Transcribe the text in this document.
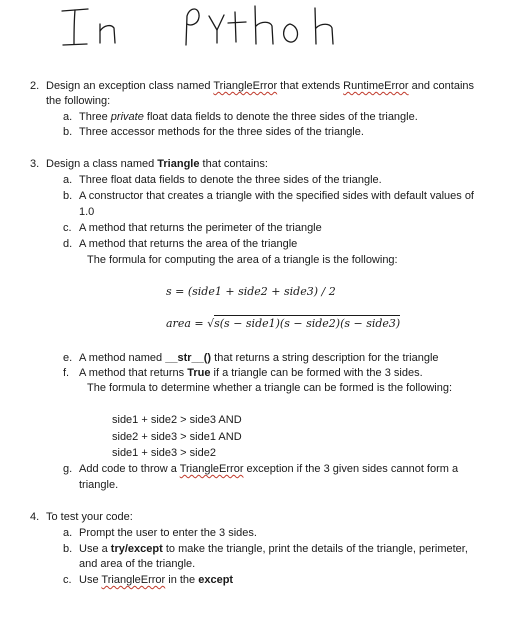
2. Design an exception class named TriangleError that extends RuntimeError and contains
the following:
a. Three private float data fields to denote the three sides of the triangle.
b. Three accessor methods for the three sides of the triangle.
3. Design a class named Triangle that contains:
a. Three float data fields to denote the three sides of the triangle.
b. A constructor that creates a triangle with the specified sides with default values of
1.0
c. A method that returns the perimeter of the triangle
d. A method that returns the area of the triangle
The formula for computing the area of a triangle is the following:
s = (side1 + side2 + side3) / 2
area = √s(s − side1)(s − side2)(s − side3)
e. A method named __str__() that returns a string description for the triangle
f. A method that returns True if a triangle can be formed with the 3 sides.
The formula to determine whether a triangle can be formed is the following:
side1 + side2 > side3 AND
side2 + side3 > side1 AND
side1 + side3 > side2
g. Add code to throw a TriangleError exception if the 3 given sides cannot form a
triangle.
4. To test your code:
a. Prompt the user to enter the 3 sides.
b. Use a try/except to make the triangle, print the details of the triangle, perimeter,
and area of the triangle.
c. Use TriangleError in the except
